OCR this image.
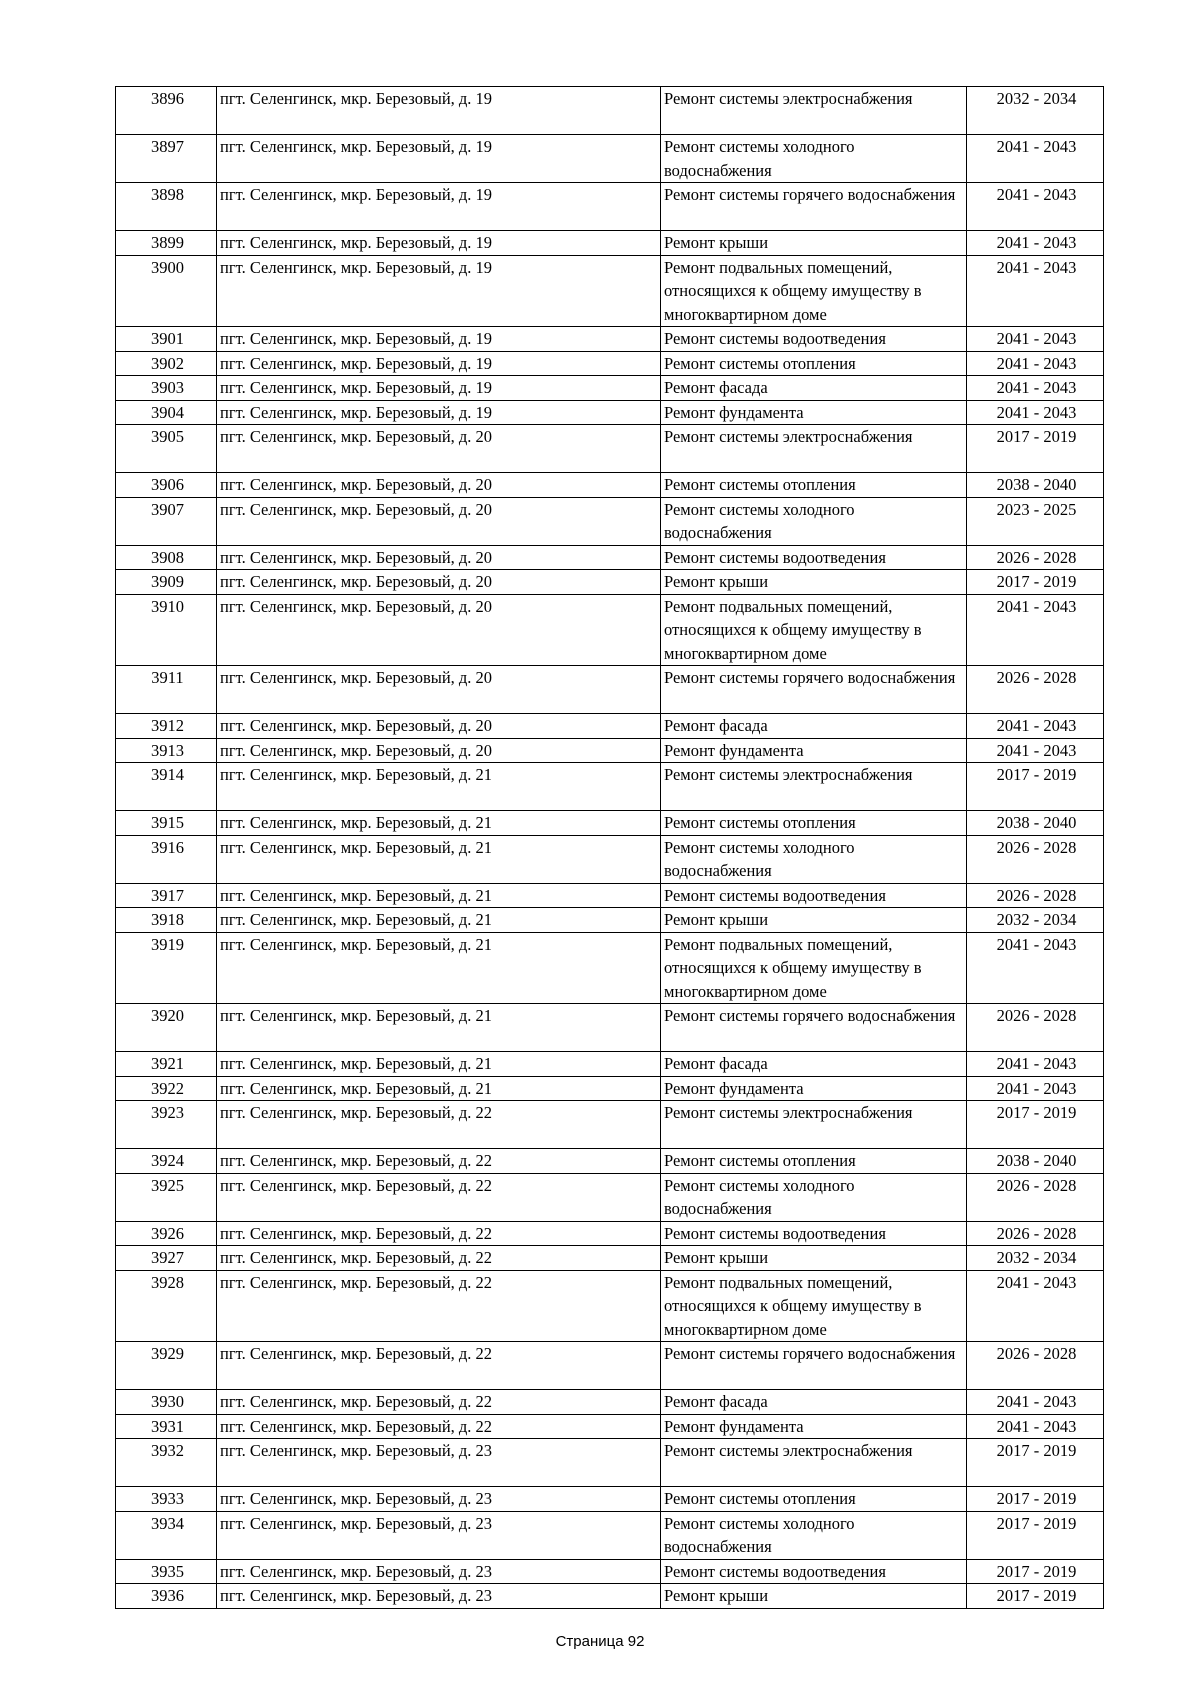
3896	пгт. Селенгинск, мкр. Березовый, д. 19	Ремонт системы электроснабжения	2032 - 2034
3897	пгт. Селенгинск, мкр. Березовый, д. 19	Ремонт системы холодного водоснабжения	2041 - 2043
3898	пгт. Селенгинск, мкр. Березовый, д. 19	Ремонт системы горячего водоснабжения	2041 - 2043
3899	пгт. Селенгинск, мкр. Березовый, д. 19	Ремонт крыши	2041 - 2043
3900	пгт. Селенгинск, мкр. Березовый, д. 19	Ремонт подвальных помещений, относящихся к общему имуществу в многоквартирном доме	2041 - 2043
3901	пгт. Селенгинск, мкр. Березовый, д. 19	Ремонт системы водоотведения	2041 - 2043
3902	пгт. Селенгинск, мкр. Березовый, д. 19	Ремонт системы отопления	2041 - 2043
3903	пгт. Селенгинск, мкр. Березовый, д. 19	Ремонт фасада	2041 - 2043
3904	пгт. Селенгинск, мкр. Березовый, д. 19	Ремонт фундамента	2041 - 2043
3905	пгт. Селенгинск, мкр. Березовый, д. 20	Ремонт системы электроснабжения	2017 - 2019
3906	пгт. Селенгинск, мкр. Березовый, д. 20	Ремонт системы отопления	2038 - 2040
3907	пгт. Селенгинск, мкр. Березовый, д. 20	Ремонт системы холодного водоснабжения	2023 - 2025
3908	пгт. Селенгинск, мкр. Березовый, д. 20	Ремонт системы водоотведения	2026 - 2028
3909	пгт. Селенгинск, мкр. Березовый, д. 20	Ремонт крыши	2017 - 2019
3910	пгт. Селенгинск, мкр. Березовый, д. 20	Ремонт подвальных помещений, относящихся к общему имуществу в многоквартирном доме	2041 - 2043
3911	пгт. Селенгинск, мкр. Березовый, д. 20	Ремонт системы горячего водоснабжения	2026 - 2028
3912	пгт. Селенгинск, мкр. Березовый, д. 20	Ремонт фасада	2041 - 2043
3913	пгт. Селенгинск, мкр. Березовый, д. 20	Ремонт фундамента	2041 - 2043
3914	пгт. Селенгинск, мкр. Березовый, д. 21	Ремонт системы электроснабжения	2017 - 2019
3915	пгт. Селенгинск, мкр. Березовый, д. 21	Ремонт системы отопления	2038 - 2040
3916	пгт. Селенгинск, мкр. Березовый, д. 21	Ремонт системы холодного водоснабжения	2026 - 2028
3917	пгт. Селенгинск, мкр. Березовый, д. 21	Ремонт системы водоотведения	2026 - 2028
3918	пгт. Селенгинск, мкр. Березовый, д. 21	Ремонт крыши	2032 - 2034
3919	пгт. Селенгинск, мкр. Березовый, д. 21	Ремонт подвальных помещений, относящихся к общему имуществу в многоквартирном доме	2041 - 2043
3920	пгт. Селенгинск, мкр. Березовый, д. 21	Ремонт системы горячего водоснабжения	2026 - 2028
3921	пгт. Селенгинск, мкр. Березовый, д. 21	Ремонт фасада	2041 - 2043
3922	пгт. Селенгинск, мкр. Березовый, д. 21	Ремонт фундамента	2041 - 2043
3923	пгт. Селенгинск, мкр. Березовый, д. 22	Ремонт системы электроснабжения	2017 - 2019
3924	пгт. Селенгинск, мкр. Березовый, д. 22	Ремонт системы отопления	2038 - 2040
3925	пгт. Селенгинск, мкр. Березовый, д. 22	Ремонт системы холодного водоснабжения	2026 - 2028
3926	пгт. Селенгинск, мкр. Березовый, д. 22	Ремонт системы водоотведения	2026 - 2028
3927	пгт. Селенгинск, мкр. Березовый, д. 22	Ремонт крыши	2032 - 2034
3928	пгт. Селенгинск, мкр. Березовый, д. 22	Ремонт подвальных помещений, относящихся к общему имуществу в многоквартирном доме	2041 - 2043
3929	пгт. Селенгинск, мкр. Березовый, д. 22	Ремонт системы горячего водоснабжения	2026 - 2028
3930	пгт. Селенгинск, мкр. Березовый, д. 22	Ремонт фасада	2041 - 2043
3931	пгт. Селенгинск, мкр. Березовый, д. 22	Ремонт фундамента	2041 - 2043
3932	пгт. Селенгинск, мкр. Березовый, д. 23	Ремонт системы электроснабжения	2017 - 2019
3933	пгт. Селенгинск, мкр. Березовый, д. 23	Ремонт системы отопления	2017 - 2019
3934	пгт. Селенгинск, мкр. Березовый, д. 23	Ремонт системы холодного водоснабжения	2017 - 2019
3935	пгт. Селенгинск, мкр. Березовый, д. 23	Ремонт системы водоотведения	2017 - 2019
3936	пгт. Селенгинск, мкр. Березовый, д. 23	Ремонт крыши	2017 - 2019
Страница 92
